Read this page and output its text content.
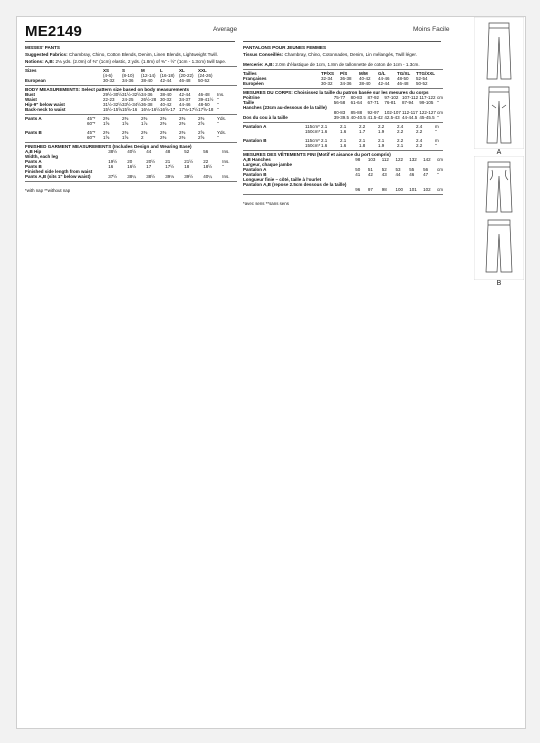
ME2149	Average	Moins Facile
MISSES' PANTS
Suggested Fabrics: Chambray, Chino, Cotton Blends, Denim, Linen Blends, Lightweight Twill.
Notions: A,B: 2⅛ yds. (2.0m) of ⅜" (1cm) elastic, 2 yds. (1.8m) of ⅜" - ½" (1cm - 1.3cm) twill tape.
Sizes		XS	S	M	L	XL	XXL
		(4-6)	(8-10)	(12-14)	(16-18)	(20-22)	(24-26)
European		30-32	34-36	38-40	42-44	46-48	50-52
BODY MEASUREMENTS: Select pattern size based on body measurements
Bust		29½-30½	31½-32½	34-36	38-40	42-44	46-48	Ins.
Waist		22-23	24-25	26½-28	30-32	34-37	39-41½	"
Hip-9" below waist		31½-32½	33½-34½	36-38	40-42	44-46	48-50	"
Back-neck to waist		15½-15⅝	15⅝-16	16⅛-16½	16⅝-17	17⅛-17½	17⅝-18	"
Pants A	45"*	2⅜	2⅜	2⅜	2⅜	2⅜	2⅜	Yds.
	60"*	1⅝	1⅝	1⅞	2⅜	2⅜	2⅝	"

Pants B	45"*	2⅜	2⅜	2⅜	2⅜	2⅜	2⅝	Yds.
	60"*	1⅝	1⅝	2	2⅜	2⅜	2⅝	"
FINISHED GARMENT MEASUREMENTS (Includes Design and Wearing Ease)
A,B Hip		38½	40½	44	48	52	56	Ins.
Width, each leg								
Pants A		19½	20	20½	21	21½	22	Ins.
Pants B		16	16½	17	17½	18	18½	"
Finished side length from waist								
Pants A,B (sits 1" below waist)		37½	38¼	38½	39⅛	39½	40¼	Ins.
*with nap **without nap
PANTALONS POUR JEUNES FEMMES
Tissus Conseillés: Chambray, Chino, Cotonnades, Denim, Lin mélangés, Twill léger.
Mercerie: A,B: 2.0m d'élastique de 1cm, 1.8m de tallonnette de coton de 1cm - 1.3cm.
Tailles		TP/XS	P/S	M/M	G/L	TG/XL	TTG/XXL
Françaises		32-34	36-38	40-42	44-46	48-50	52-54
Européen		30-32	34-36	38-40	42-44	46-48	50-52
MESURES DU CORPS: Choisissez la taille du patron basée sur les mesures du corps
Poitrine		75-77	80-83	87-92	97-102	107-112	117-122	cm
Taille		56-58	61-64	67-71	76-81	87-94	99-105	"
Hanches (23cm au-dessous de la taille)								
		80-83	85-88	92-97	102-107	112-117	122-127	cm
Dos du cou à la taille		39-39.5	40-40.5	41.5-42	42.5-43	44-44.5	45-45.5	"
Pantalon A	115cm*	2.1	2.1	2.2	2.2	2.4	2.4	m
	150cm*	1.6	1.6	1.7	1.9	2.2	2.2	"

Pantalon B	115cm*	2.1	2.1	2.1	2.1	2.2	2.4	m
	150cm*	1.6	1.6	1.8	1.9	2.1	2.2	"
MESURES DES VÊTEMENTS FINI (Motif et aisance du port compris)
A,B Hanches		98	103	112	122	132	142	cm
Largeur, chaque jambe								
Pantalon A		50	51	52	53	55	56	cm
Pantalon B		41	42	43	44	46	47	"
Longueur finie – côté, taille à l'ourlet								
Pantalon A,B (repose 2.5cm dessous de la taille)								
		96	97	98	100	101	102	cm
*avec sens **sans sens
A
B
